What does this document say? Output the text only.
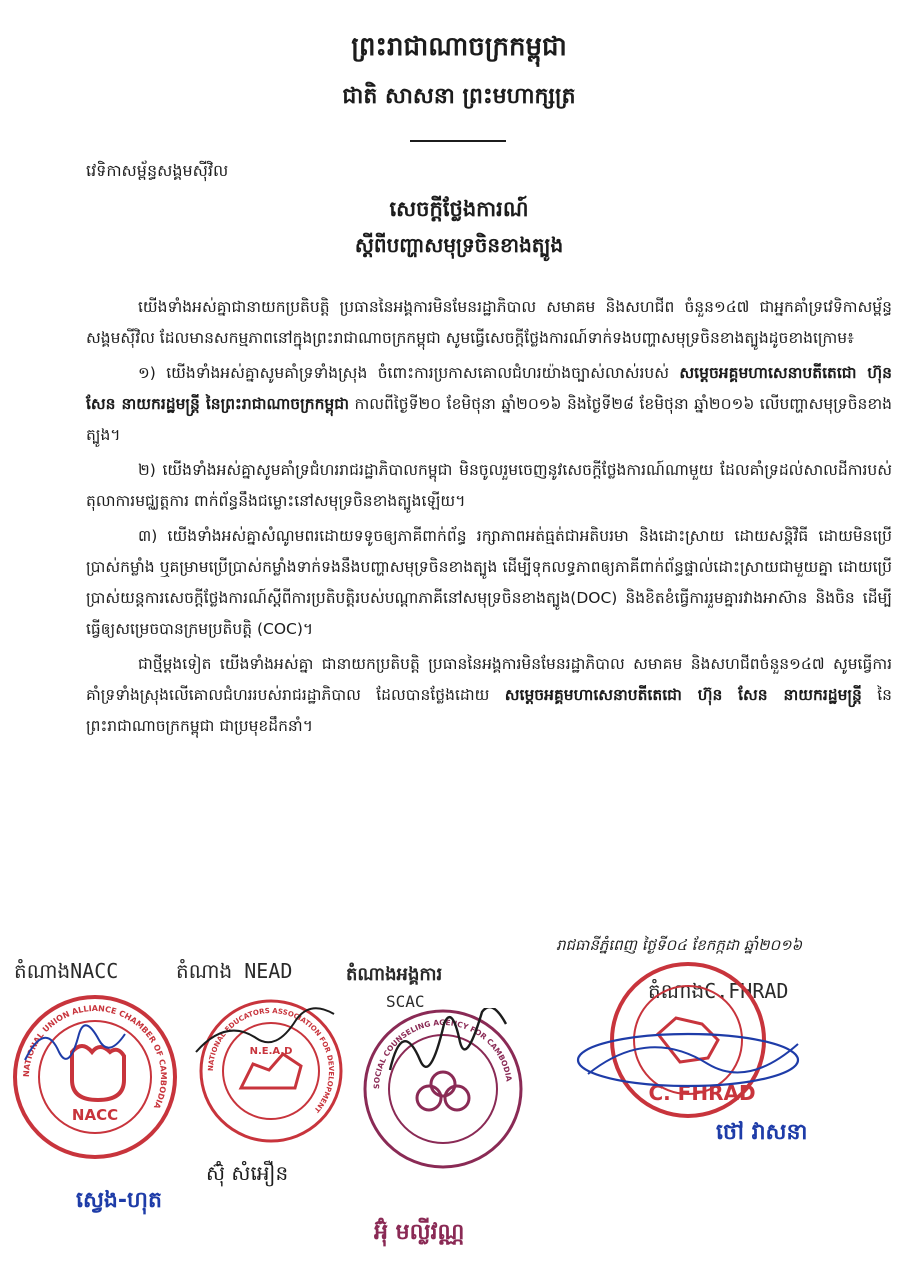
ព្រះរាជាណាចក្រកម្ពុជា
ជាតិ សាសនា ព្រះមហាក្សត្រ
វេទិកាសម្ព័ន្ធសង្គមស៊ីវិល
សេចក្តីថ្លែងការណ៍
ស្តីពីបញ្ហាសមុទ្រចិនខាងត្បូង

យើងទាំងអស់គ្នាជានាយកប្រតិបត្តិ ប្រធាននៃអង្គការមិនមែនរដ្ឋាភិបាល សមាគម និងសហជីព ចំនួន១៤៧ ជាអ្នកគាំទ្រវេទិកាសម្ព័ន្ធសង្គមស៊ីវិល ដែលមានសកម្មភាពនៅក្នុងព្រះរាជាណាចក្រកម្ពុជា សូមធ្វើសេចក្តីថ្លែងការណ៍ទាក់ទងបញ្ហាសមុទ្រចិនខាងត្បូងដូចខាងក្រោម៖

១) យើងទាំងអស់គ្នាសូមគាំទ្រទាំងស្រុង ចំពោះការប្រកាសគោលជំហរយ៉ាងច្បាស់លាស់របស់ សម្តេចអគ្គមហាសេនាបតីតេជោ ហ៊ុន សែន នាយករដ្ឋមន្ត្រី នៃព្រះរាជាណាចក្រកម្ពុជា កាលពីថ្ងៃទី២០ ខែមិថុនា ឆ្នាំ២០១៦ និងថ្ងៃទី២៨ ខែមិថុនា ឆ្នាំ២០១៦ លើបញ្ហាសមុទ្រចិនខាងត្បូង។

២) យើងទាំងអស់គ្នាសូមគាំទ្រជំហររាជរដ្ឋាភិបាលកម្ពុជា មិនចូលរួមចេញនូវសេចក្តីថ្លែងការណ៍ណាមួយ ដែលគាំទ្រដល់សាលដីការបស់តុលាការមជ្ឈត្តការ ពាក់ព័ន្ធនឹងជម្លោះនៅសមុទ្រចិនខាងត្បូងឡើយ។

៣) យើងទាំងអស់គ្នាសំណូមពរដោយទទូចឲ្យភាគីពាក់ព័ន្ធ រក្សាភាពអត់ធ្មត់ជាអតិបរមា និងដោះស្រាយ ដោយសន្តិវិធី ដោយមិនប្រើប្រាស់កម្លាំង ឬគម្រាមប្រើប្រាស់កម្លាំងទាក់ទងនឹងបញ្ហាសមុទ្រចិនខាងត្បូង ដើម្បីទុកលទ្ធភាពឲ្យភាគីពាក់ព័ន្ធផ្ទាល់ដោះស្រាយជាមួយគ្នា ដោយប្រើប្រាស់យន្តការសេចក្តីថ្លែងការណ៍ស្តីពីការប្រតិបត្តិរបស់បណ្តាភាគីនៅសមុទ្រចិនខាងត្បូង(DOC) និងខិតខំធ្វើការរួមគ្នារវាងអាស៊ាន និងចិន ដើម្បីធ្វើឲ្យសម្រេចបានក្រមប្រតិបត្តិ (COC)។

ជាថ្មីម្តងទៀត យើងទាំងអស់គ្នា ជានាយកប្រតិបត្តិ ប្រធាននៃអង្គការមិនមែនរដ្ឋាភិបាល សមាគម និងសហជីពចំនួន១៤៧ សូមធ្វើការគាំទ្រទាំងស្រុងលើគោលជំហររបស់រាជរដ្ឋាភិបាល ដែលបានថ្លែងដោយ សម្តេចអគ្គមហាសេនាបតីតេជោ ហ៊ុន សែន នាយករដ្ឋមន្ត្រី នៃព្រះរាជាណាចក្រកម្ពុជា ជាប្រមុខដឹកនាំ។

រាជធានីភ្នំពេញ ថ្ងៃទី០៤ ខែកក្កដា ឆ្នាំ២០១៦
តំណាងNACC	តំណាង NEAD	តំណាងអង្គការ
SCAC	តំណាងC.FHRAD
NATIONAL UNION ALLIANCE CHAMBER OF CAMBODIA
NACC
NATIONAL EDUCATORS ASSOCIATION FOR DEVELOPMENT
N.E.A.D
SOCIAL COUNSELING AGENCY FOR CAMBODIA
C. FHRAD
ស្វេង-ហុត
ស៊ុំ សំអឿន
អ៊ុំ មល្លីវណ្ណ
ថៅ វាសនា
